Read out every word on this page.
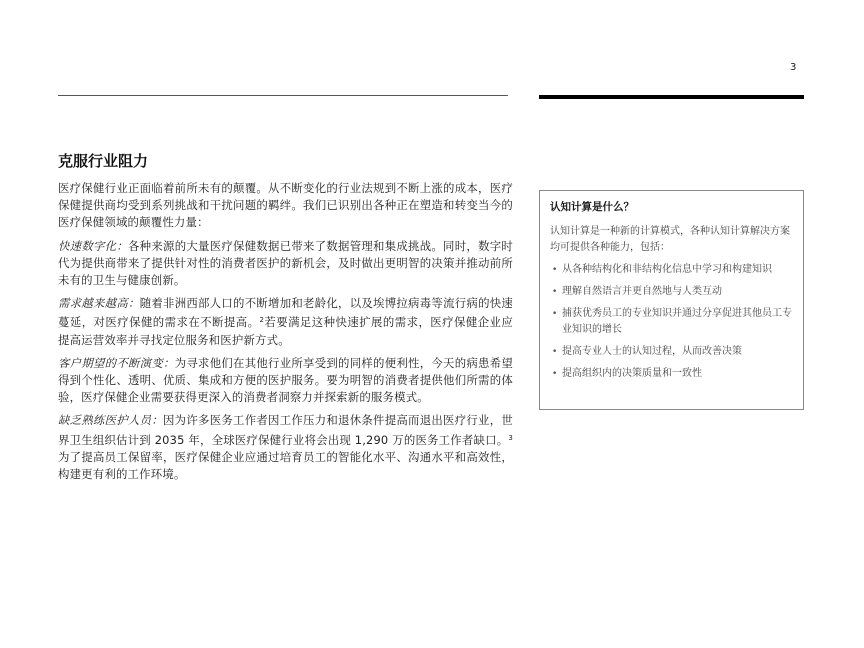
3
克服行业阻力

医疗保健行业正面临着前所未有的颠覆。从不断变化的行业法规到不断上涨的成本，医疗保健提供商均受到系列挑战和干扰问题的羁绊。我们已识别出各种正在塑造和转变当今的医疗保健领域的颠覆性力量：

快速数字化：各种来源的大量医疗保健数据已带来了数据管理和集成挑战。同时，数字时代为提供商带来了提供针对性的消费者医护的新机会，及时做出更明智的决策并推动前所未有的卫生与健康创新。

需求越来越高：随着非洲西部人口的不断增加和老龄化，以及埃博拉病毒等流行病的快速蔓延，对医疗保健的需求在不断提高。$^2$若要满足这种快速扩展的需求，医疗保健企业应提高运营效率并寻找定位服务和医护新方式。

客户期望的不断演变：为寻求他们在其他行业所享受到的同样的便利性，今天的病患希望得到个性化、透明、优质、集成和方便的医护服务。要为明智的消费者提供他们所需的体验，医疗保健企业需要获得更深入的消费者洞察力并探索新的服务模式。

缺乏熟练医护人员：因为许多医务工作者因工作压力和退休条件提高而退出医疗行业，世界卫生组织估计到 2035 年，全球医疗保健行业将会出现 1,290 万的医务工作者缺口。$^3$为了提高员工保留率，医疗保健企业应通过培育员工的智能化水平、沟通水平和高效性，构建更有利的工作环境。

认知计算是什么？

认知计算是一种新的计算模式，各种认知计算解决方案均可提供各种能力，包括：

• 从各种结构化和非结构化信息中学习和构建知识
• 理解自然语言并更自然地与人类互动
• 捕获优秀员工的专业知识并通过分享促进其他员工专业知识的增长
• 提高专业人士的认知过程，从而改善决策
• 提高组织内的决策质量和一致性
